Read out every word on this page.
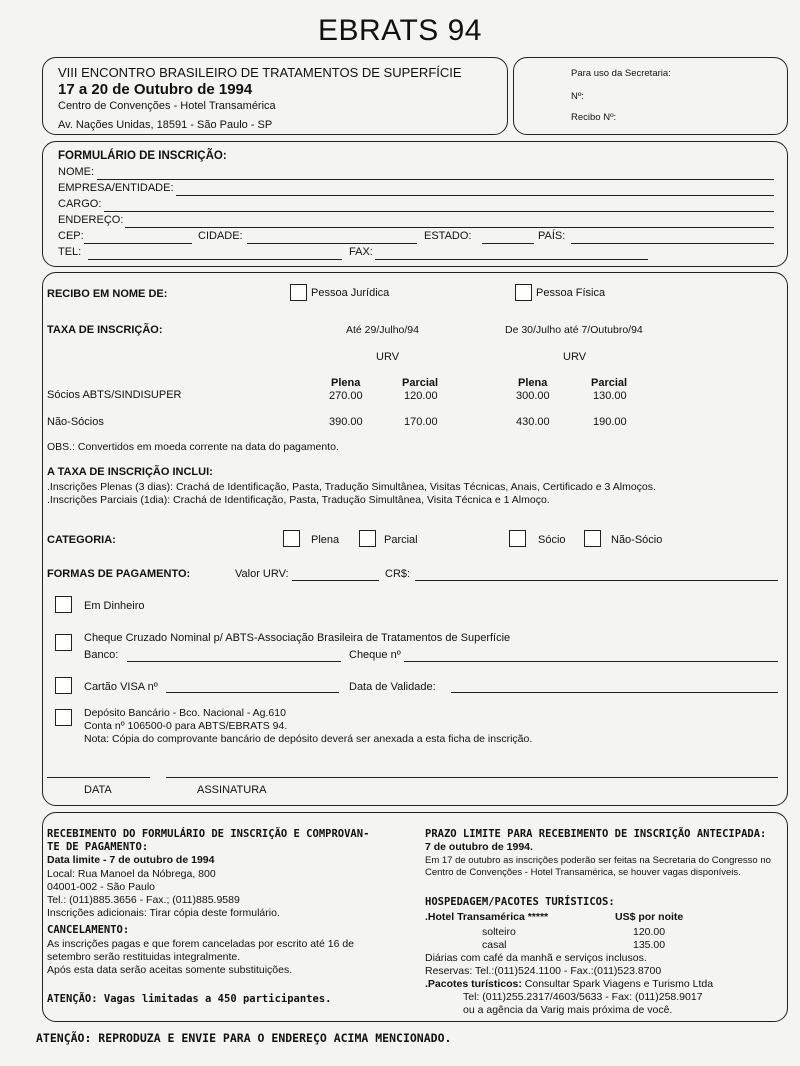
EBRATS 94
VIII ENCONTRO BRASILEIRO DE TRATAMENTOS DE SUPERFÍCIE
17 a 20 de Outubro de 1994
Centro de Convenções - Hotel Transamérica
Av. Nações Unidas, 18591 - São Paulo - SP
Para uso da Secretaria:
Nº:
Recibo Nº:
FORMULÁRIO DE INSCRIÇÃO:
NOME:
EMPRESA/ENTIDADE:
CARGO:
ENDEREÇO:
CEP:	CIDADE:	ESTADO:	PAÍS:
TEL:	FAX:
RECIBO EM NOME DE:	Pessoa Jurídica	Pessoa Física
TAXA DE INSCRIÇÃO:	Até 29/Julho/94	De 30/Julho até 7/Outubro/94
URV	URV
Plena	Parcial	Plena	Parcial
Sócios ABTS/SINDISUPER	270.00	120.00	300.00	130.00
Não-Sócios	390.00	170.00	430.00	190.00
OBS.: Convertidos em moeda corrente na data do pagamento.
A TAXA DE INSCRIÇÃO INCLUI:
.Inscrições Plenas (3 dias): Crachá de Identificação, Pasta, Tradução Simultânea, Visitas Técnicas, Anais, Certificado e 3 Almoços.
.Inscrições Parciais (1dia): Crachá de Identificação, Pasta, Tradução Simultânea, Visita Técnica e 1 Almoço.
CATEGORIA:	Plena	Parcial	Sócio	Não-Sócio
FORMAS DE PAGAMENTO:	Valor URV:	CR$:
Em Dinheiro
Cheque Cruzado Nominal p/ ABTS-Associação Brasileira de Tratamentos de Superfície
Banco:	Cheque nº
Cartão VISA nº	Data de Validade:
Depósito Bancário - Bco. Nacional - Ag.610
Conta nº 106500-0 para ABTS/EBRATS 94.
Nota: Cópia do comprovante bancário de depósito deverá ser anexada a esta ficha de inscrição.
DATA	ASSINATURA
RECEBIMENTO DO FORMULÁRIO DE INSCRIÇÃO E COMPROVAN-
TE DE PAGAMENTO:
Data limite - 7 de outubro de 1994
Local: Rua Manoel da Nóbrega, 800
04001-002 - São Paulo
Tel.: (011)885.3656 - Fax.; (011)885.9589
Inscrições adicionais: Tirar cópia deste formulário.
CANCELAMENTO:
As inscrições pagas e que forem canceladas por escrito até 16 de
setembro serão restituidas integralmente.
Após esta data serão aceitas somente substituições.
ATENÇÃO: Vagas limitadas a 450 participantes.
PRAZO LIMITE PARA RECEBIMENTO DE INSCRIÇÃO ANTECIPADA:
7 de outubro de 1994.
Em 17 de outubro as inscrições poderão ser feitas na Secretaria do Congresso no
Centro de Convenções - Hotel Transamérica, se houver vagas disponíveis.
HOSPEDAGEM/PACOTES TURÍSTICOS:
.Hotel Transamérica *****	US$ por noite
solteiro	120.00
casal	135.00
Diárias com café da manhã e serviços inclusos.
Reservas: Tel.:(011)524.1100 - Fax.:(011)523.8700
.Pacotes turísticos: Consultar Spark Viagens e Turismo Ltda
Tel: (011)255.2317/4603/5633 - Fax: (011)258.9017
ou a agência da Varig mais próxima de você.
ATENÇÃO: REPRODUZA E ENVIE PARA O ENDEREÇO ACIMA MENCIONADO.
